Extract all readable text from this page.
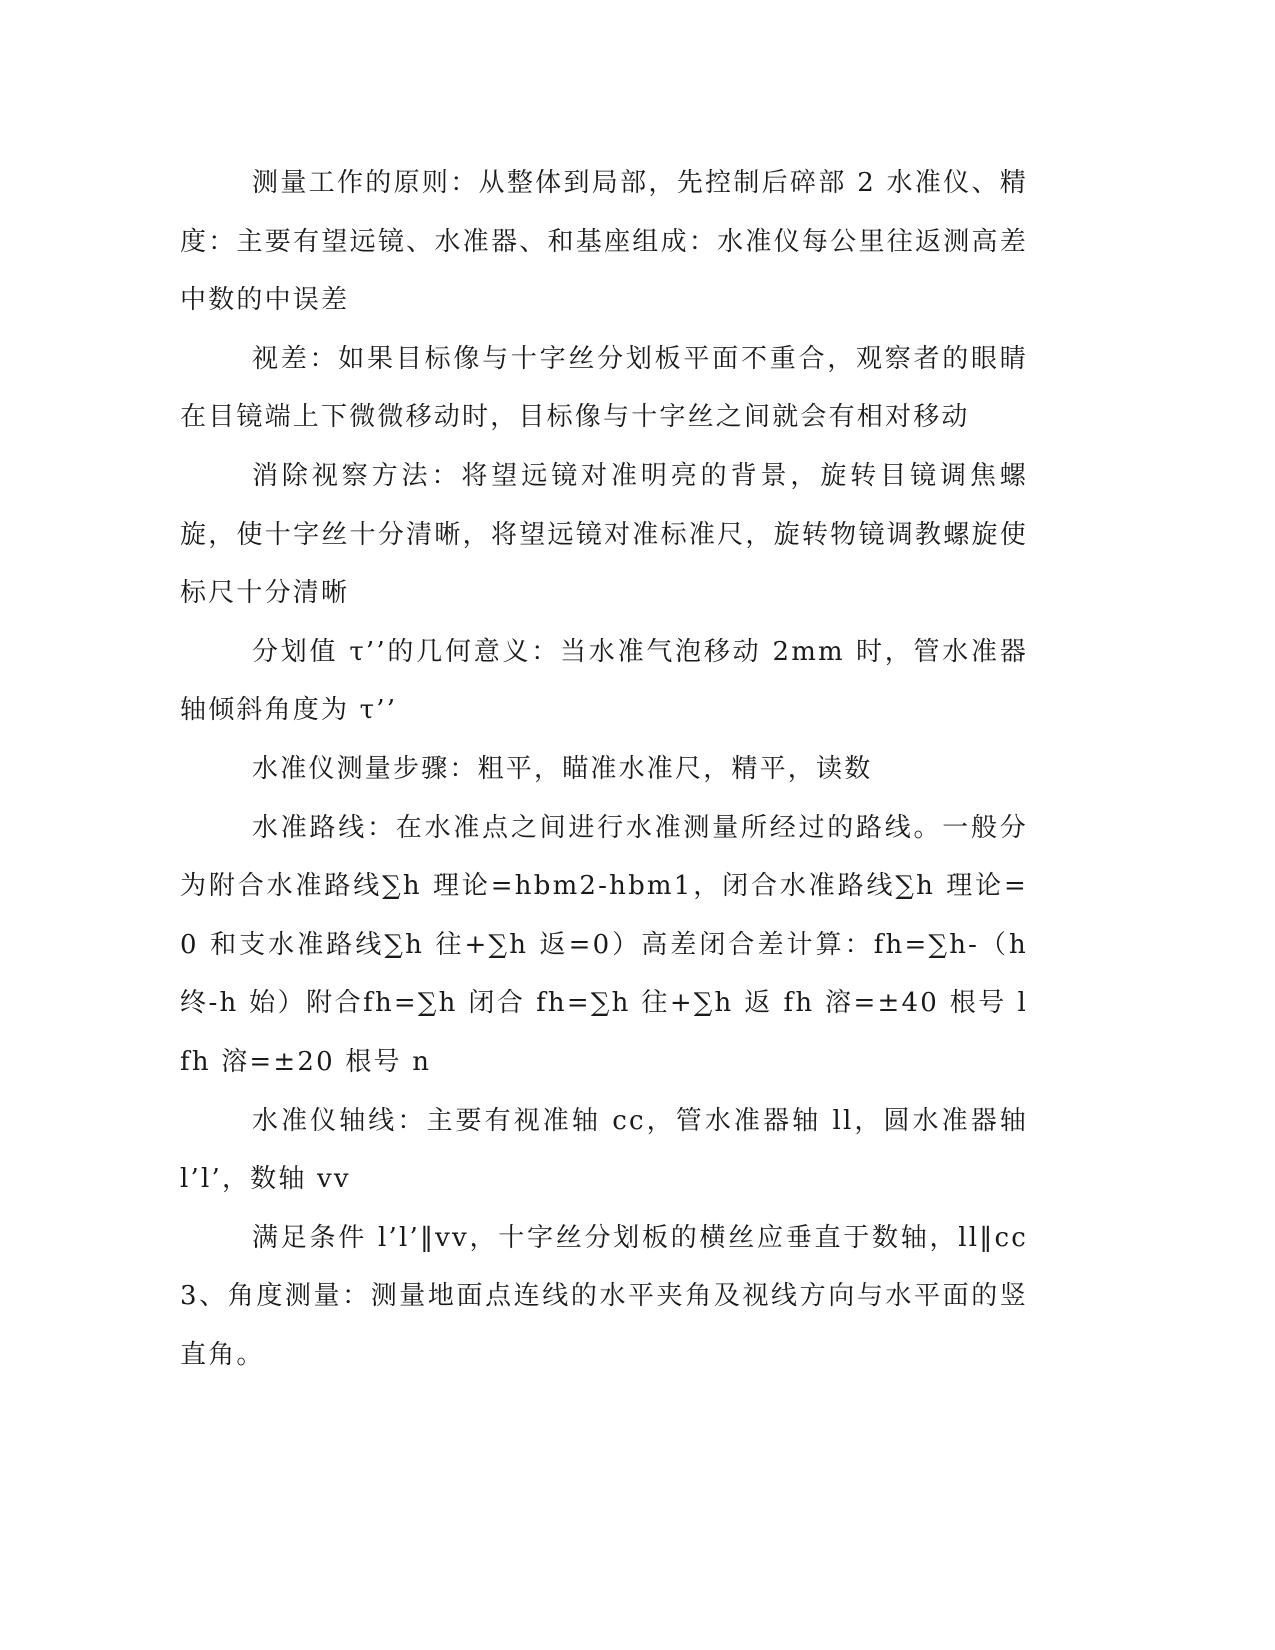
测量工作的原则：从整体到局部，先控制后碎部 2 水准仪、精度：主要有望远镜、水准器、和基座组成：水准仪每公里往返测高差中数的中误差

视差：如果目标像与十字丝分划板平面不重合，观察者的眼睛在目镜端上下微微移动时，目标像与十字丝之间就会有相对移动

消除视察方法：将望远镜对准明亮的背景，旋转目镜调焦螺旋，使十字丝十分清晰，将望远镜对准标准尺，旋转物镜调教螺旋使标尺十分清晰

分划值 τ’’的几何意义：当水准气泡移动 2mm 时，管水准器轴倾斜角度为 τ’’

水准仪测量步骤：粗平，瞄准水准尺，精平，读数

水准路线：在水准点之间进行水准测量所经过的路线。一般分为附合水准路线∑h 理论=hbm2-hbm1，闭合水准路线∑h 理论=0 和支水准路线∑h 往+∑h 返=0）高差闭合差计算：fh=∑h-（h 终-h 始）附合fh=∑h 闭合 fh=∑h 往+∑h 返 fh 溶=±40 根号 lfh 溶=±20 根号 n

水准仪轴线：主要有视准轴 cc，管水准器轴 ll，圆水准器轴 l’l’，数轴 vv

满足条件 l’l’‖vv，十字丝分划板的横丝应垂直于数轴，ll‖cc3、角度测量：测量地面点连线的水平夹角及视线方向与水平面的竖直角。
